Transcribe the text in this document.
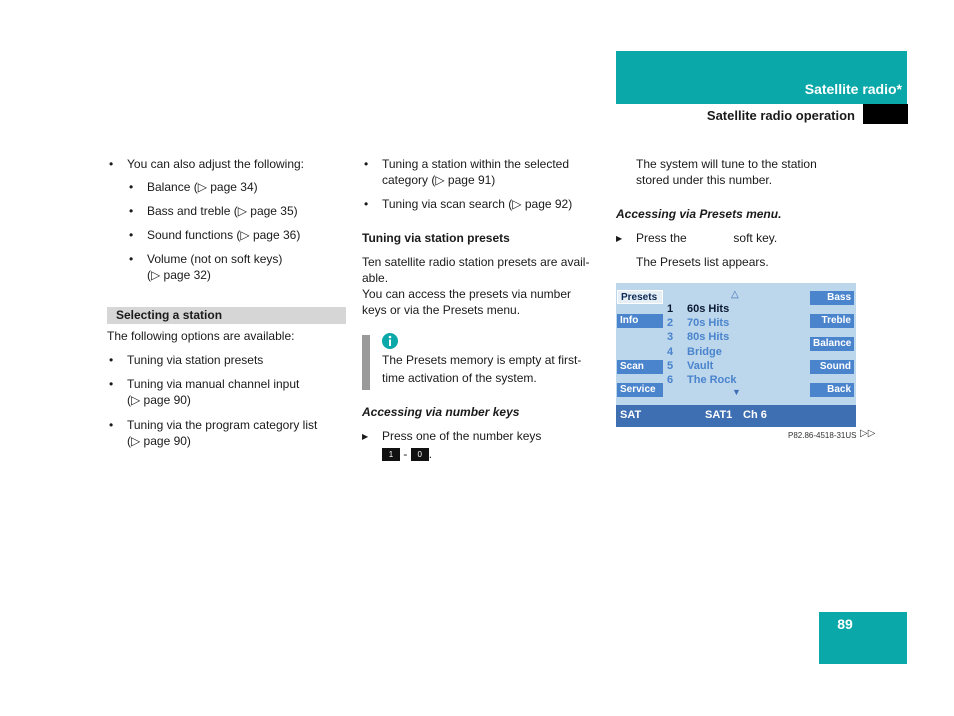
Satellite radio*
Satellite radio operation
• You can also adjust the following:
• Balance (▷ page 34)
• Bass and treble (▷ page 35)
• Sound functions (▷ page 36)
• Volume (not on soft keys)
(▷ page 32)
Selecting a station
The following options are available:
• Tuning via station presets
• Tuning via manual channel input
(▷ page 90)
• Tuning via the program category list
(▷ page 90)
• Tuning a station within the selected
category (▷ page 91)
• Tuning via scan search (▷ page 92)
Tuning via station presets
Ten satellite radio station presets are avail-
able.
You can access the presets via number
keys or via the Presets menu.
The Presets memory is empty at first-
time activation of the system.
Accessing via number keys
▶ Press one of the number keys
1 - 0 .
The system will tune to the station
stored under this number.
Accessing via Presets menu.
▶ Press the	soft key.
The Presets list appears.
Presets
Info
Scan
Service
Bass
Treble
Balance
Sound
Back
△
▼
1 60s Hits
2 70s Hits
3 80s Hits
4 Bridge
5 Vault
6 The Rock
SAT	SAT1 Ch 6
P82.86-4518-31US ▷▷
89
